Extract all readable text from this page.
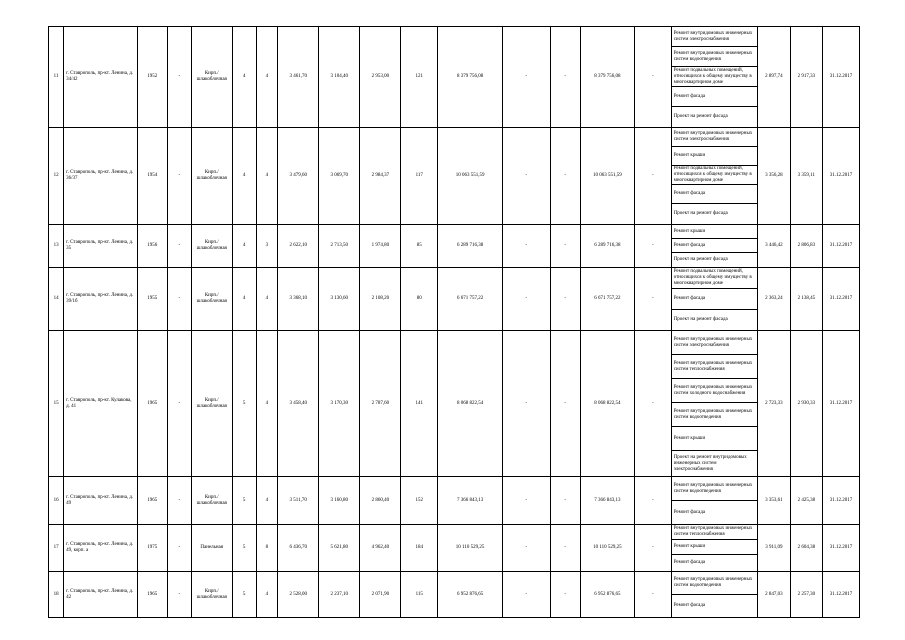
11	г. Ставрополь, пр-кт. Ленина, д. 34/42	1952	-	Кирп./ шлакоблочная	4	4	3 461,70	3 104,40	2 953,00	121	8 379 756,08	-	-	8 379 756,08	-	Ремонт внутридомовых инженерных систем электроснабжения	2 897,74	2 917,33	31.12.2017
																Ремонт внутридомовых инженерных систем водоотведения			
																Ремонт подвальных помещений, относящихся к общему имуществу в многоквартирном доме			
																Ремонт фасада			
																Проект на ремонт фасада			
12	г. Ставрополь, пр-кт. Ленина, д. 36/37	1954	-	Кирп./ шлакоблочная	4	4	3 479,60	3 069,70	2 984,37	117	10 063 551,59	-	-	10 063 551,59	-	Ремонт внутридомовых инженерных систем электроснабжения	3 356,28	3 359,11	31.12.2017
																Ремонт крыши			
																Ремонт подвальных помещений, относящихся к общему имуществу в многоквартирном доме			
																Ремонт фасада			
																Проект на ремонт фасада			
13	г. Ставрополь, пр-кт. Ленина, д. 35	1956	-	Кирп./ шлакоблочная	4	3	2 622,10	2 713,50	1 974,80	85	6 289 716,38	-	-	6 289 716,38	-	Ремонт крыши	3 446,42	2 806,83	31.12.2017
																Ремонт фасада			
																Проект на ремонт фасада			
14	г. Ставрополь, пр-кт. Ленина, д. 39/1б	1955	-	Кирп./ шлакоблочная	4	4	3 368,10	3 130,60	2 108,20	80	6 671 757,22	-	-	6 671 757,22	-	Ремонт подвальных помещений, относящихся к общему имуществу в многоквартирном доме	2 363,24	2 138,45	31.12.2017
																Ремонт фасада			
																Проект на ремонт фасада			
15	г. Ставрополь, пр-кт. Кулакова, д. 41	1965	-	Кирп./ шлакоблочная	5	4	3 458,40	3 170,30	2 787,60	141	8 068 822,54	-	-	8 068 822,54	-	Ремонт внутридомовых инженерных систем электроснабжения	2 723,33	2 930,33	31.12.2017
																Ремонт внутридомовых инженерных систем теплоснабжения			
																Ремонт внутридомовых инженерных систем холодного водоснабжения			
																Ремонт внутридомовых инженерных систем водоотведения			
																Ремонт крыши			
																Проект на ремонт внутридомовых инженерных систем электроснабжения			
16	г. Ставрополь, пр-кт. Ленина, д. 49	1965	-	Кирп./ шлакоблочная	5	4	3 511,70	3 160,80	2 860,40	152	7 366 843,13	-	-	7 366 843,13	-	Ремонт внутридомовых инженерных систем водоотведения	3 353,61	2 425,38	31.12.2017
																Ремонт фасада			
17	г. Ставрополь, пр-кт. Ленина, д. 49, корп. а	1975	-	Панельная	5	8	6 436,70	5 621,80	4 962,40	184	10 110 529,25	-	-	10 110 529,25	-	Ремонт внутридомовых инженерных систем теплоснабжения	3 911,09	2 604,38	31.12.2017
																Ремонт крыши			
																Ремонт фасада			
18	г. Ставрополь, пр-кт. Ленина, д. 42	1965	-	Кирп./ шлакоблочная	5	4	2 528,00	2 237,10	2 071,90	115	6 952 876,65	-	-	6 952 876,65	-	Ремонт внутридомовых инженерных систем водоотведения	2 847,03	2 257,30	31.12.2017
																Ремонт фасада			
